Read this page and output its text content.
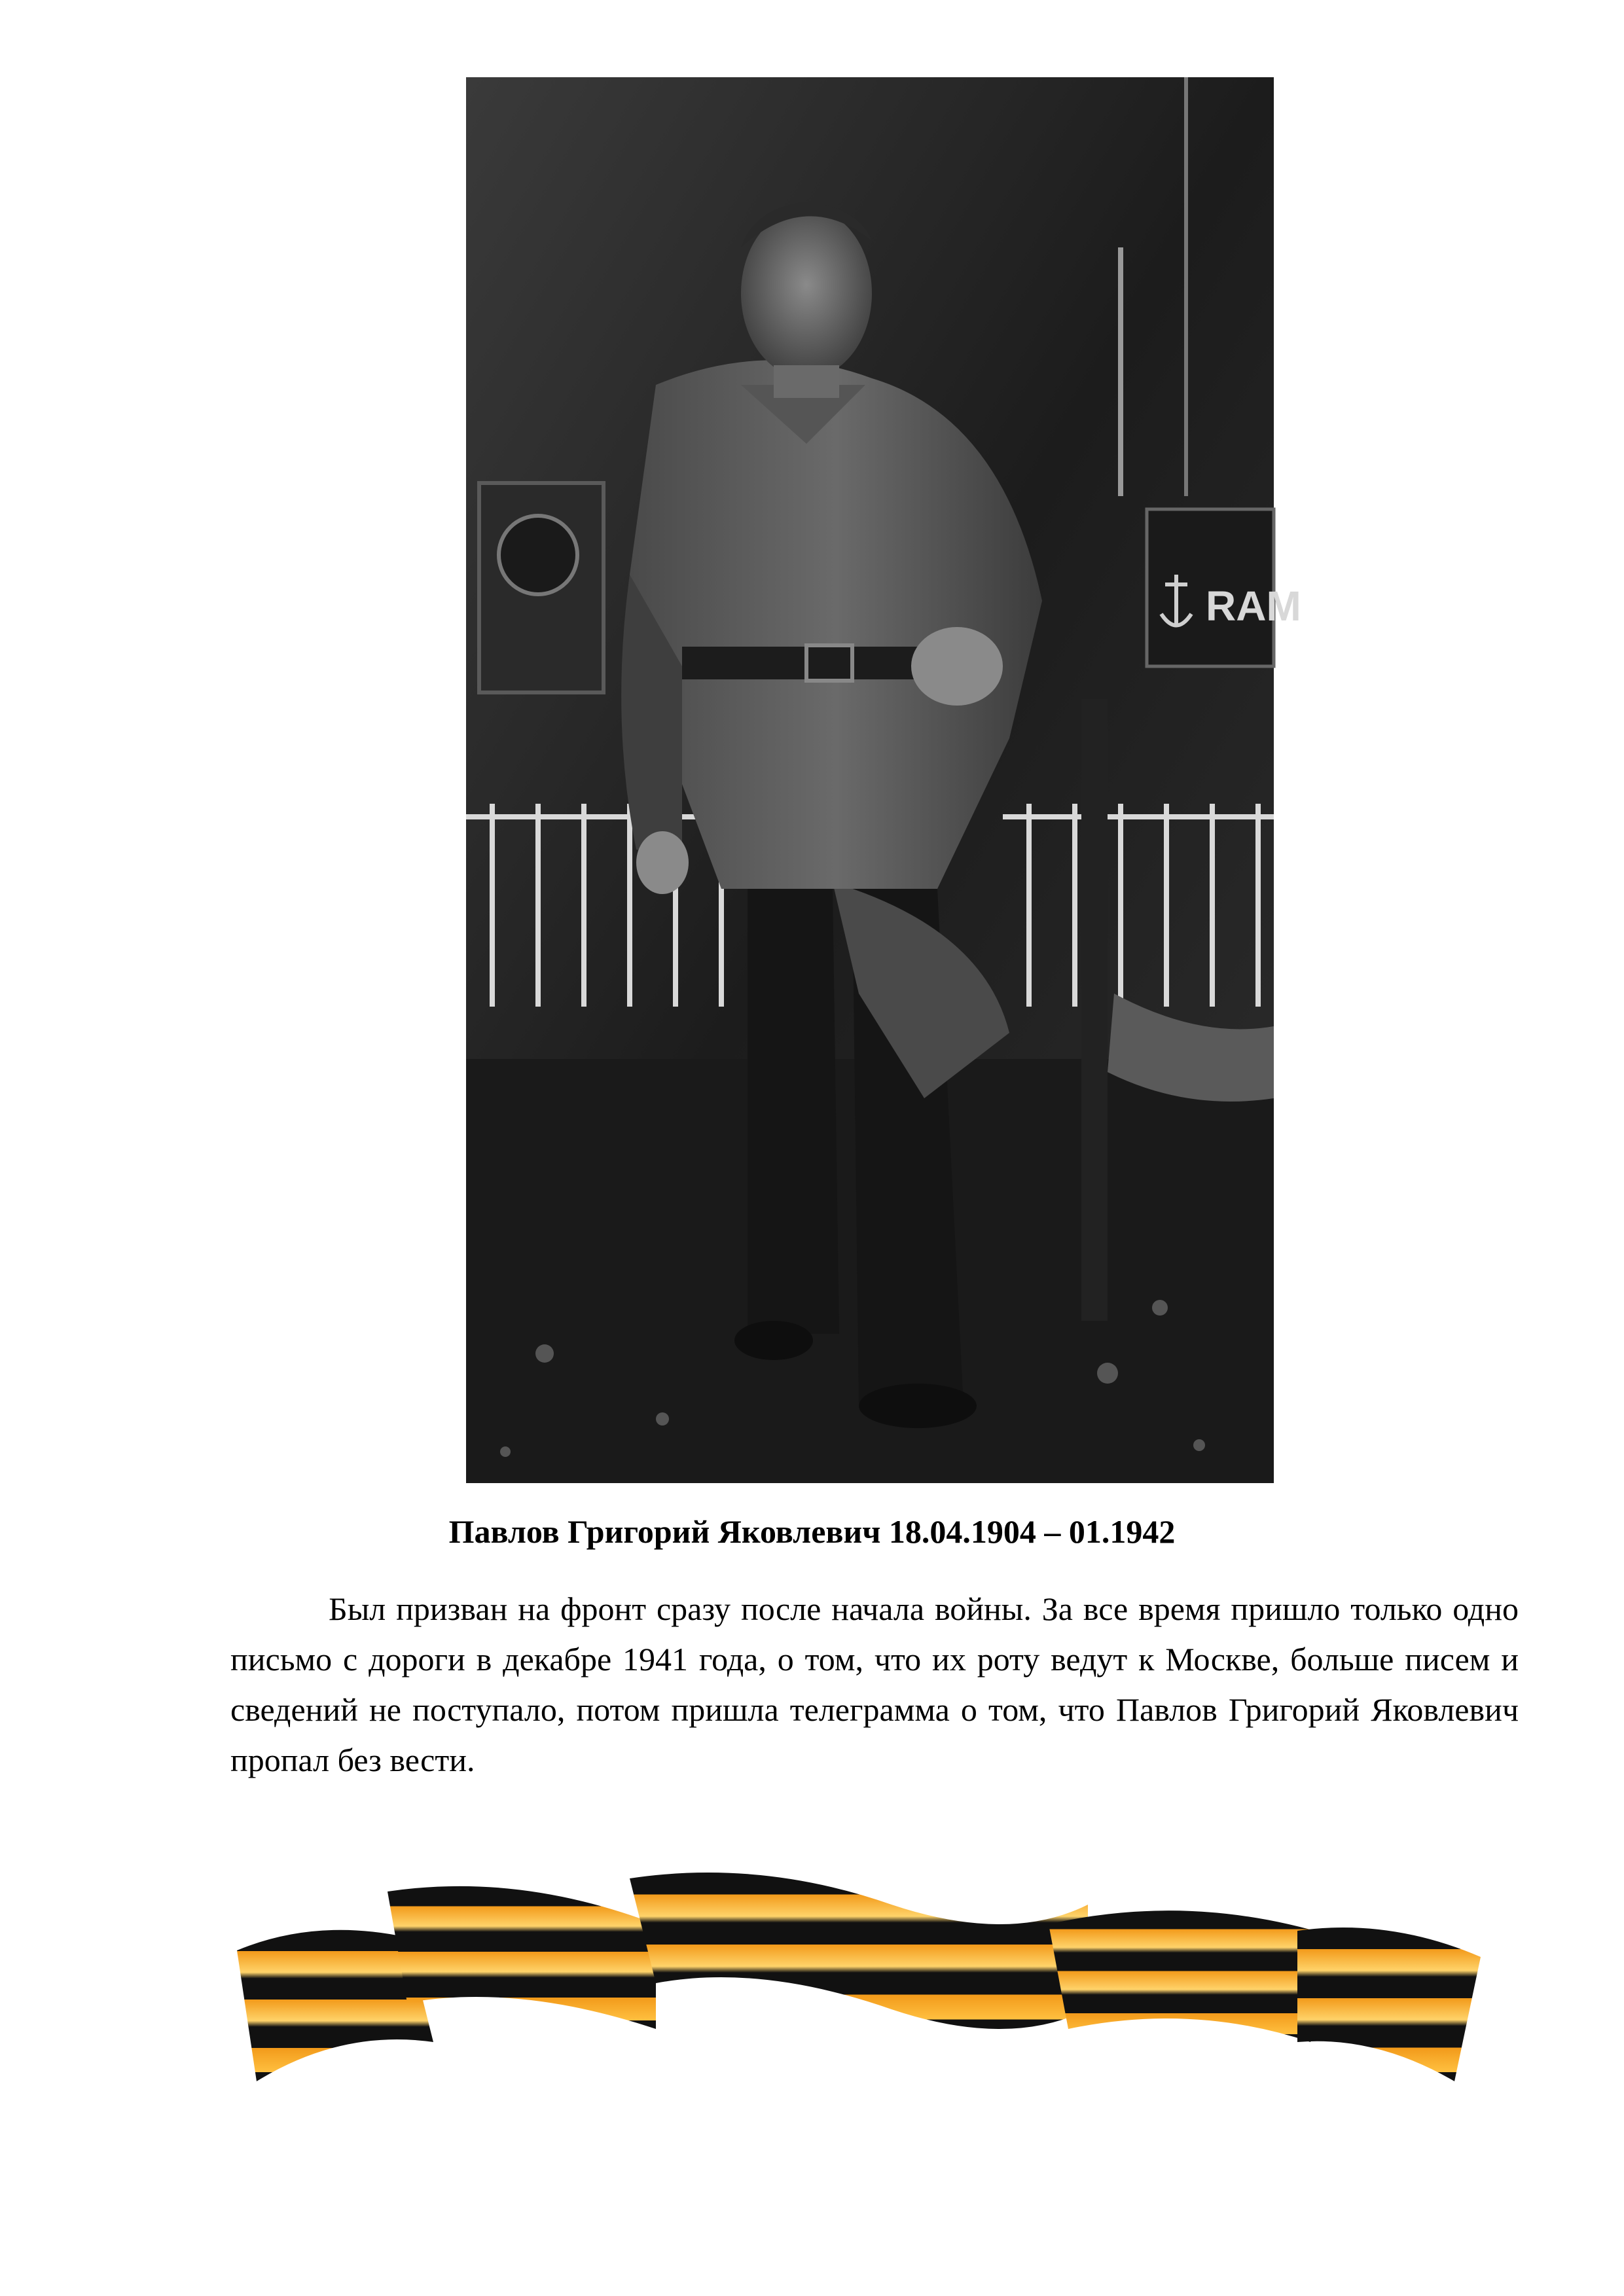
RAM
Павлов Григорий Яковлевич 18.04.1904 – 01.1942

Был призван на фронт сразу после начала войны. За все время пришло только одно письмо с дороги в декабре 1941 года, о том, что их роту ведут к Москве, больше писем и сведений не поступало, потом пришла телеграмма о том, что Павлов Григорий Яковлевич пропал без вести.
